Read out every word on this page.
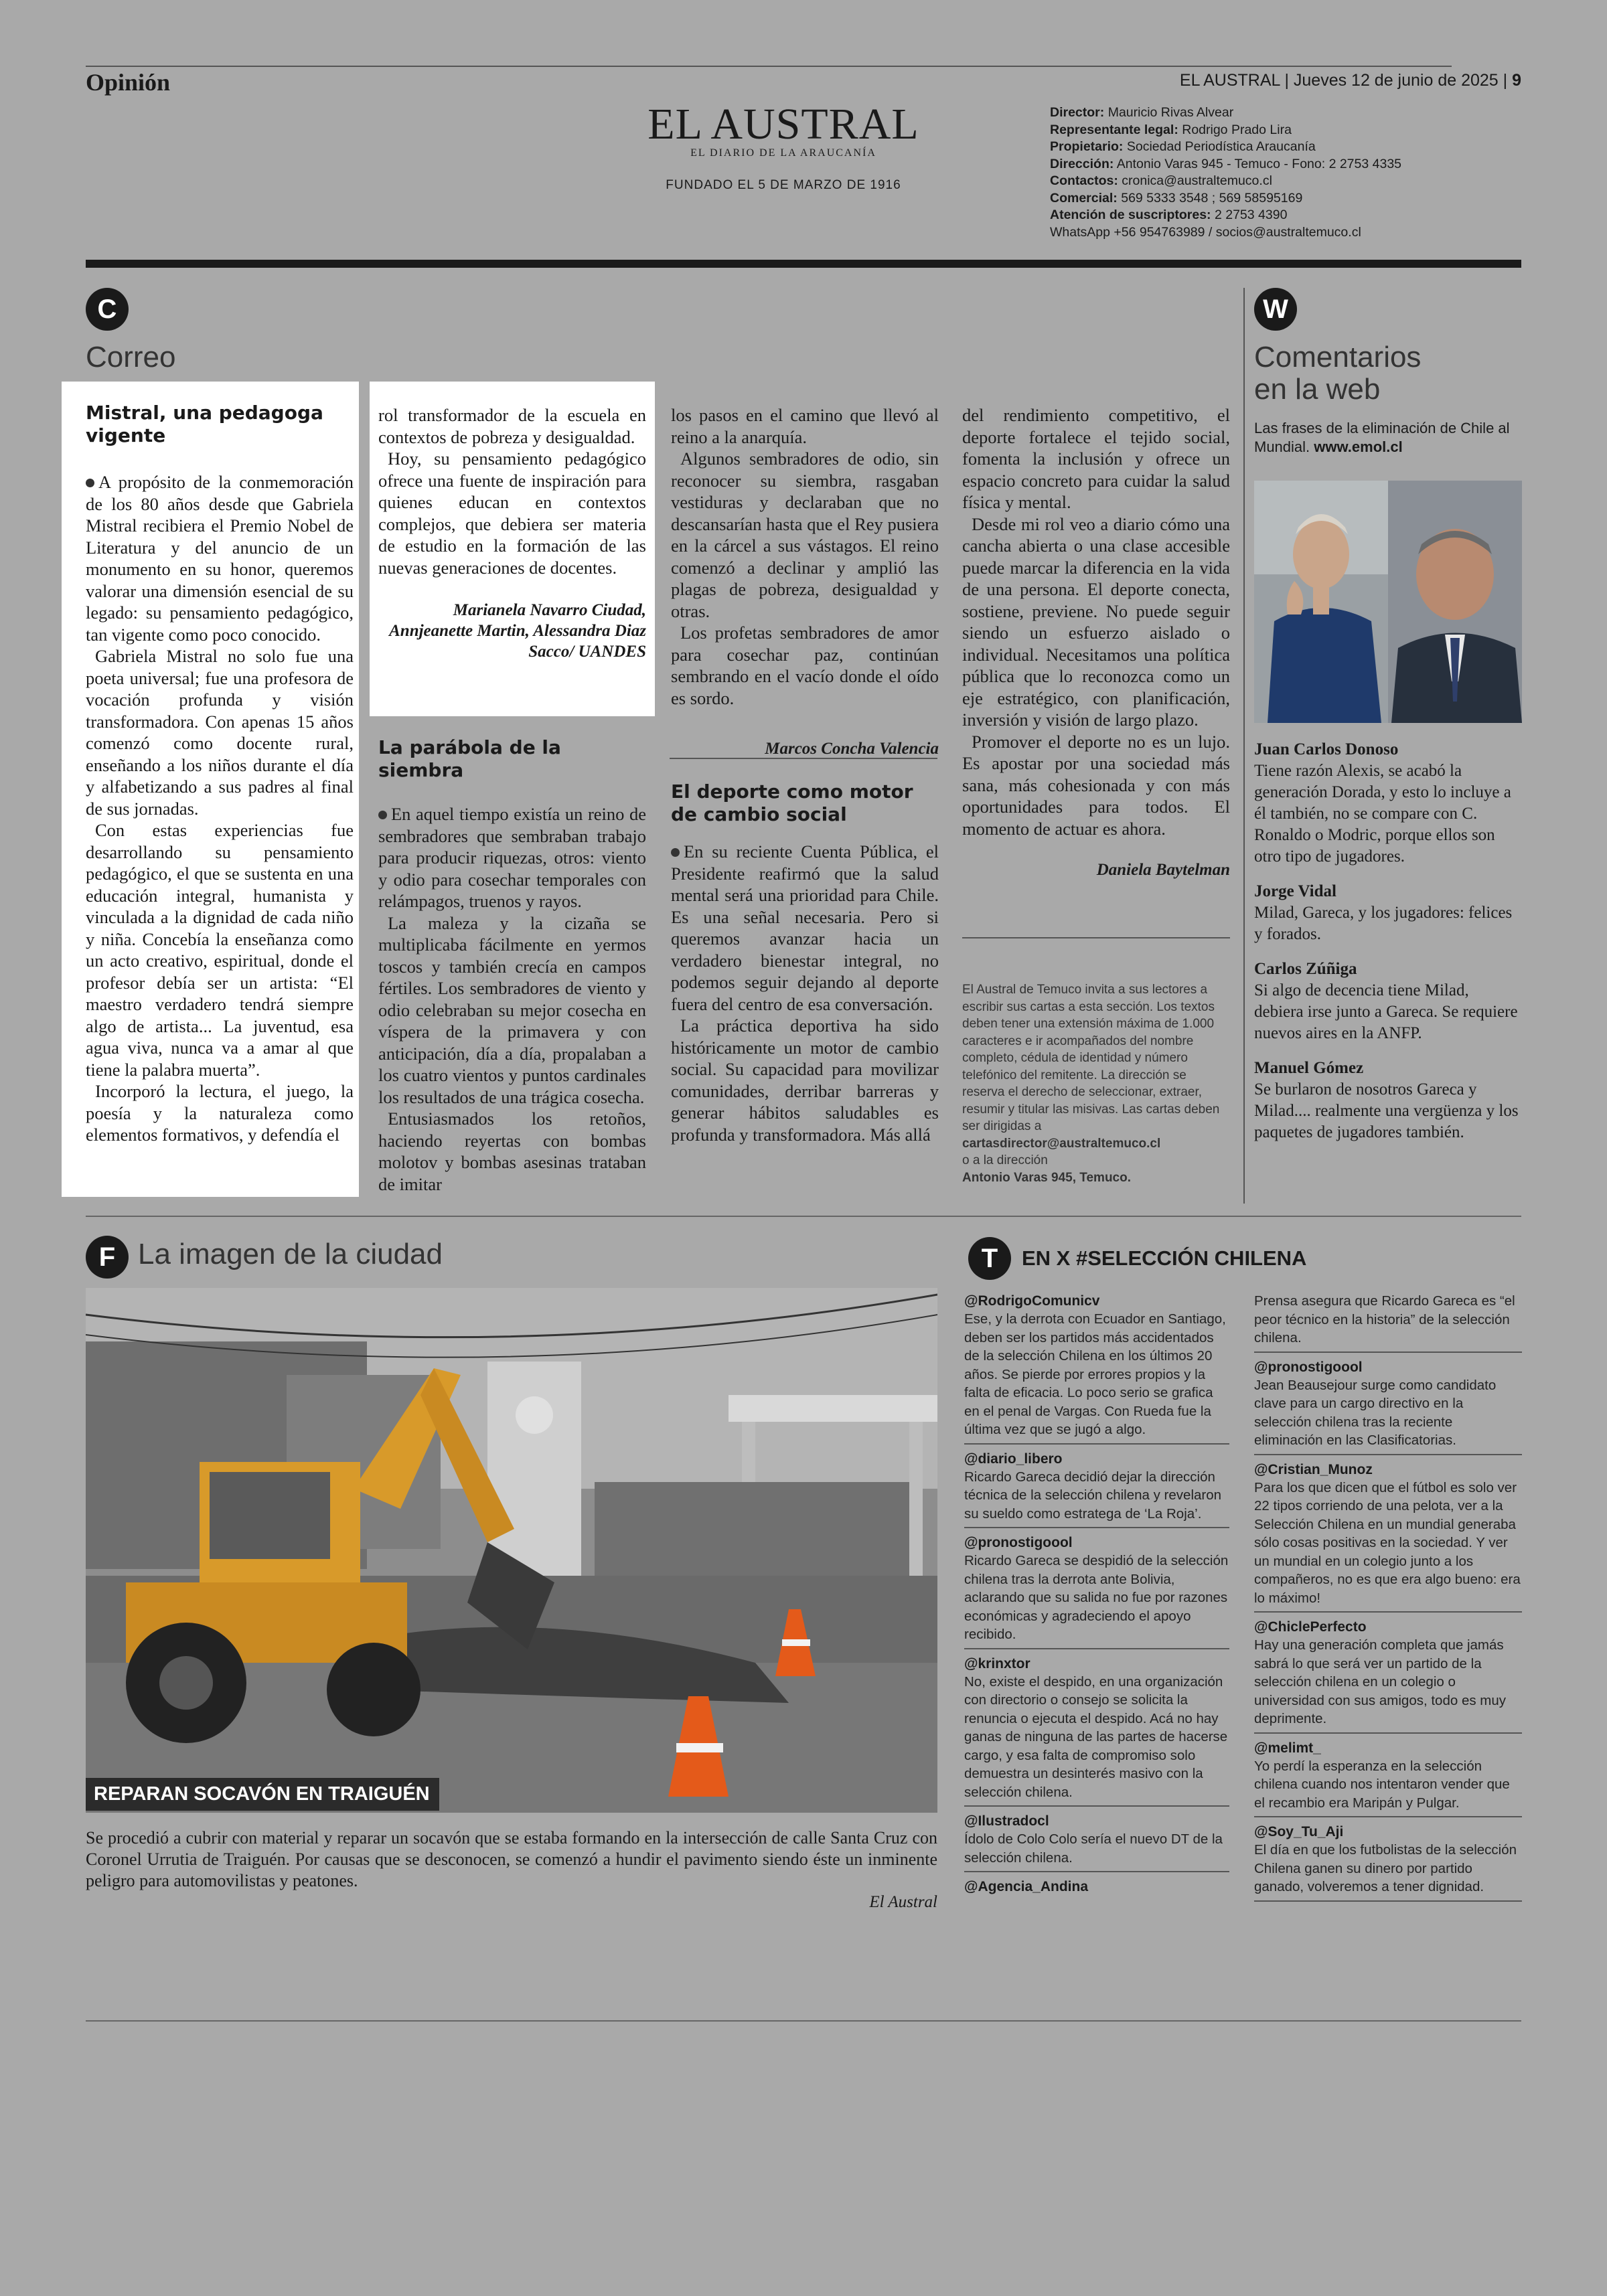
Opinión	EL AUSTRAL | Jueves 12 de junio de 2025 | 9
EL AUSTRAL
EL DIARIO DE LA ARAUCANÍA
FUNDADO EL 5 DE MARZO DE 1916
Director: Mauricio Rivas Alvear
Representante legal: Rodrigo Prado Lira
Propietario: Sociedad Periodística Araucanía
Dirección: Antonio Varas 945 - Temuco - Fono: 2 2753 4335
Contactos: cronica@australtemuco.cl
Comercial: 569 5333 3548 ; 569 58595169
Atención de suscriptores: 2 2753 4390
WhatsApp +56 954763989 / socios@australtemuco.cl
C
Correo
Mistral, una pedagoga vigente

A propósito de la conmemoración de los 80 años desde que Gabriela Mistral recibiera el Premio Nobel de Literatura y del anuncio de un monumento en su honor, queremos valorar una dimensión esencial de su legado: su pensamiento pedagógico, tan vigente como poco conocido.

Gabriela Mistral no solo fue una poeta universal; fue una profesora de vocación profunda y visión transformadora. Con apenas 15 años comenzó como docente rural, enseñando a los niños durante el día y alfabetizando a sus padres al final de sus jornadas.

Con estas experiencias fue desarrollando su pensamiento pedagógico, el que se sustenta en una educación integral, humanista y vinculada a la dignidad de cada niño y niña. Concebía la enseñanza como un acto creativo, espiritual, donde el profesor debía ser un artista: “El maestro verdadero tendrá siempre algo de artista... La juventud, esa agua viva, nunca va a amar al que tiene la palabra muerta”.

Incorporó la lectura, el juego, la poesía y la naturaleza como elementos formativos, y defendía el

rol transformador de la escuela en contextos de pobreza y desigualdad.

Hoy, su pensamiento pedagógico ofrece una fuente de inspiración para quienes educan en contextos complejos, que debiera ser materia de estudio en la formación de las nuevas generaciones de docentes.

Marianela Navarro Ciudad, Annjeanette Martin, Alessandra Diaz Sacco/ UANDES
La parábola de la siembra

En aquel tiempo existía un reino de sembradores que sembraban trabajo para producir riquezas, otros: viento y odio para cosechar temporales con relámpagos, truenos y rayos.

La maleza y la cizaña se multiplicaba fácilmente en yermos toscos y también crecía en campos fértiles. Los sembradores de viento y odio celebraban su mejor cosecha en víspera de la primavera y con anticipación, día a día, propalaban a los cuatro vientos y puntos cardinales los resultados de una trágica cosecha.

Entusiasmados los retoños, haciendo reyertas con bombas molotov y bombas asesinas trataban de imitar

los pasos en el camino que llevó al reino a la anarquía.

Algunos sembradores de odio, sin reconocer su siembra, rasgaban vestiduras y declaraban que no descansarían hasta que el Rey pusiera en la cárcel a sus vástagos. El reino comenzó a declinar y amplió las plagas de pobreza, desigualdad y otras.

Los profetas sembradores de amor para cosechar paz, continúan sembrando en el vacío donde el oído es sordo.

Marcos Concha Valencia
El deporte como motor de cambio social

En su reciente Cuenta Pública, el Presidente reafirmó que la salud mental será una prioridad para Chile. Es una señal necesaria. Pero si queremos avanzar hacia un verdadero bienestar integral, no podemos seguir dejando al deporte fuera del centro de esa conversación.

La práctica deportiva ha sido históricamente un motor de cambio social. Su capacidad para movilizar comunidades, derribar barreras y generar hábitos saludables es profunda y transformadora. Más allá

del rendimiento competitivo, el deporte fortalece el tejido social, fomenta la inclusión y ofrece un espacio concreto para cuidar la salud física y mental.

Desde mi rol veo a diario cómo una cancha abierta o una clase accesible puede marcar la diferencia en la vida de una persona. El deporte conecta, sostiene, previene. No puede seguir siendo un esfuerzo aislado o individual. Necesitamos una política pública que lo reconozca como un eje estratégico, con planificación, inversión y visión de largo plazo.

Promover el deporte no es un lujo. Es apostar por una sociedad más sana, más cohesionada y con más oportunidades para todos. El momento de actuar es ahora.

Daniela Baytelman
El Austral de Temuco invita a sus lectores a escribir sus cartas a esta sección. Los textos deben tener una extensión máxima de 1.000 caracteres e ir acompañados del nombre completo, cédula de identidad y número telefónico del remitente. La dirección se reserva el derecho de seleccionar, extraer, resumir y titular las misivas. Las cartas deben ser dirigidas a
cartasdirector@australtemuco.cl
o a la dirección
Antonio Varas 945, Temuco.
W
Comentarios
en la web
Las frases de la eliminación de Chile al Mundial. www.emol.cl
Juan Carlos Donoso
Tiene razón Alexis, se acabó la generación Dorada, y esto lo incluye a él también, no se compare con C. Ronaldo o Modric, porque ellos son otro tipo de jugadores.
Jorge Vidal
Milad, Gareca, y los jugadores: felices y forados.
Carlos Zúñiga
Si algo de decencia tiene Milad, debiera irse junto a Gareca. Se requiere nuevos aires en la ANFP.
Manuel Gómez
Se burlaron de nosotros Gareca y Milad.... realmente una vergüenza y los paquetes de jugadores también.
F La imagen de la ciudad
REPARAN SOCAVÓN EN TRAIGUÉN
Se procedió a cubrir con material y reparar un socavón que se estaba formando en la intersección de calle Santa Cruz con Coronel Urrutia de Traiguén. Por causas que se desconocen, se comenzó a hundir el pavimento siendo éste un inminente peligro para automovilistas y peatones.
El Austral
T	EN X #SELECCIÓN CHILENA
@RodrigoComunicv
Ese, y la derrota con Ecuador en Santiago, deben ser los partidos más accidentados de la selección Chilena en los últimos 20 años. Se pierde por errores propios y la falta de eficacia. Lo poco serio se grafica en el penal de Vargas. Con Rueda fue la última vez que se jugó a algo.
@diario_libero
Ricardo Gareca decidió dejar la dirección técnica de la selección chilena y revelaron su sueldo como estratega de ‘La Roja’.
@pronostigoool
Ricardo Gareca se despidió de la selección chilena tras la derrota ante Bolivia, aclarando que su salida no fue por razones económicas y agradeciendo el apoyo recibido.
@krinxtor
No, existe el despido, en una organización con directorio o consejo se solicita la renuncia o ejecuta el despido. Acá no hay ganas de ninguna de las partes de hacerse cargo, y esa falta de compromiso solo demuestra un desinterés masivo con la selección chilena.
@Ilustradocl
Ídolo de Colo Colo sería el nuevo DT de la selección chilena.
@Agencia_Andina
Prensa asegura que Ricardo Gareca es “el peor técnico en la historia” de la selección chilena.
@pronostigoool
Jean Beausejour surge como candidato clave para un cargo directivo en la selección chilena tras la reciente eliminación en las Clasificatorias.
@Cristian_Munoz
Para los que dicen que el fútbol es solo ver 22 tipos corriendo de una pelota, ver a la Selección Chilena en un mundial generaba sólo cosas positivas en la sociedad. Y ver un mundial en un colegio junto a los compañeros, no es que era algo bueno: era lo máximo!
@ChiclePerfecto
Hay una generación completa que jamás sabrá lo que será ver un partido de la selección chilena en un colegio o universidad con sus amigos, todo es muy deprimente.
@melimt_
Yo perdí la esperanza en la selección chilena cuando nos intentaron vender que el recambio era Maripán y Pulgar.
@Soy_Tu_Aji
El día en que los futbolistas de la selección Chilena ganen su dinero por partido ganado, volveremos a tener dignidad.
